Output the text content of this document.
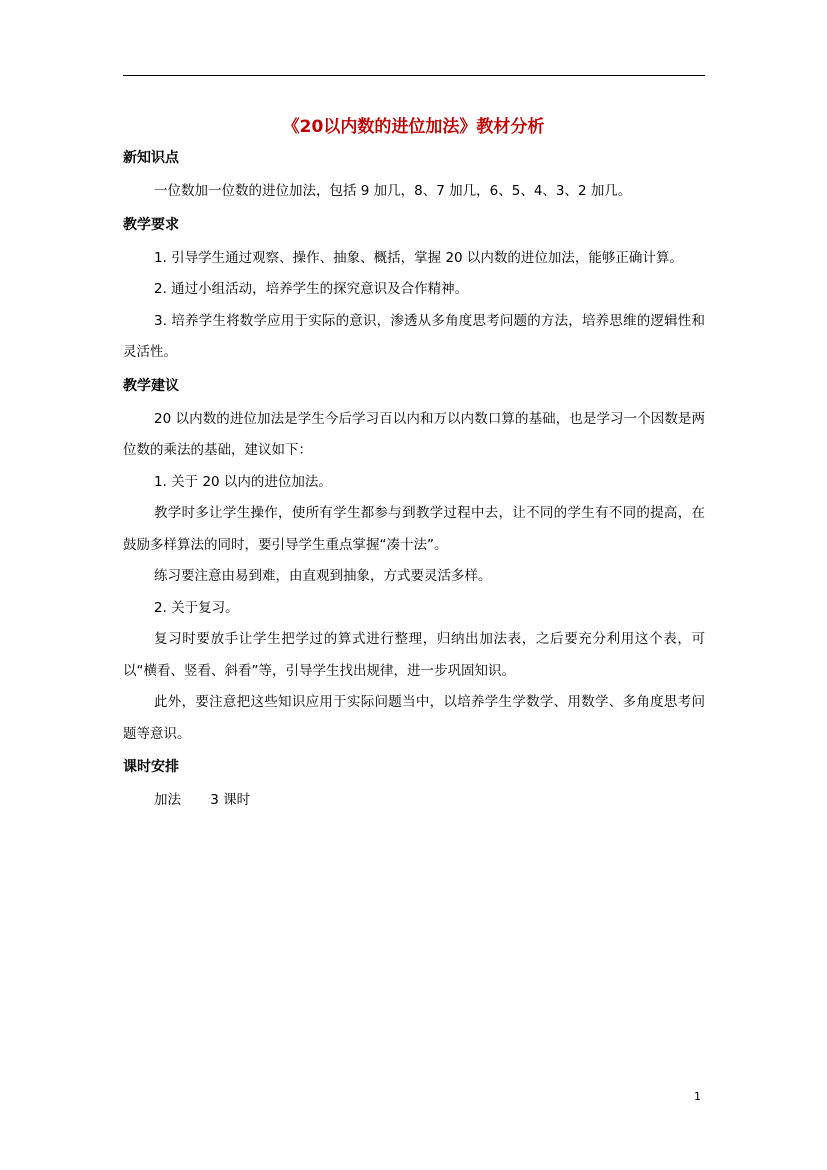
《20以内数的进位加法》教材分析
新知识点

一位数加一位数的进位加法，包括 9 加几，8、7 加几，6、5、4、3、2 加几。

教学要求

1. 引导学生通过观察、操作、抽象、概括，掌握 20 以内数的进位加法，能够正确计算。

2. 通过小组活动，培养学生的探究意识及合作精神。

3. 培养学生将数学应用于实际的意识，渗透从多角度思考问题的方法，培养思维的逻辑性和灵活性。

教学建议

20 以内数的进位加法是学生今后学习百以内和万以内数口算的基础，也是学习一个因数是两位数的乘法的基础，建议如下：

1. 关于 20 以内的进位加法。

教学时多让学生操作，使所有学生都参与到教学过程中去，让不同的学生有不同的提高，在鼓励多样算法的同时，要引导学生重点掌握“凑十法”。

练习要注意由易到难，由直观到抽象，方式要灵活多样。

2. 关于复习。

复习时要放手让学生把学过的算式进行整理，归纳出加法表，之后要充分利用这个表，可以“横看、竖看、斜看”等，引导学生找出规律，进一步巩固知识。

此外，要注意把这些知识应用于实际问题当中，以培养学生学数学、用数学、多角度思考问题等意识。

课时安排
加法 3 课时
1
